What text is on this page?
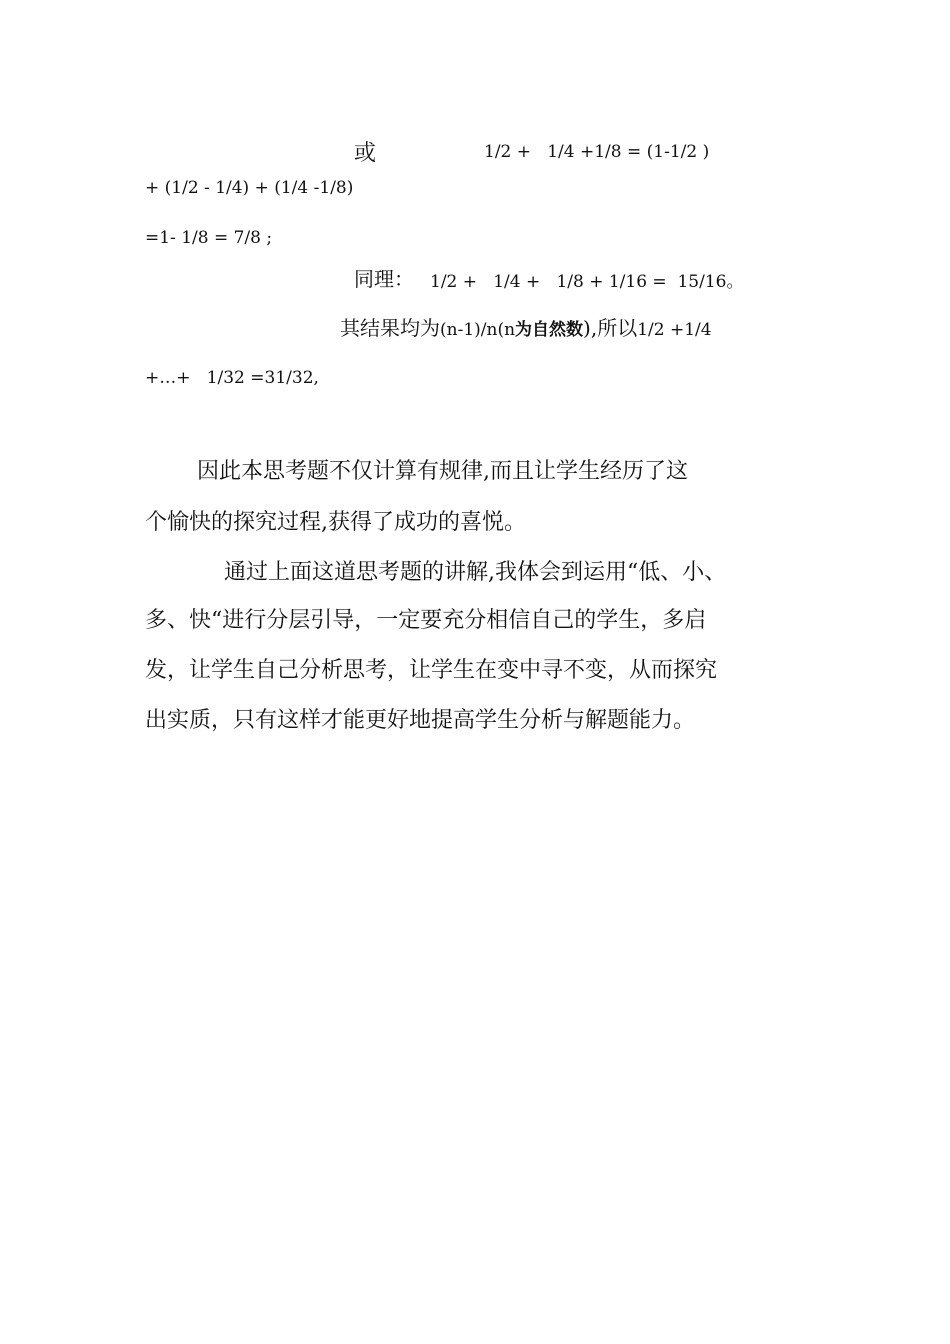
或	1/2 +   1/4 +1/8 = (1-1/2 )
+ (1/2 - 1/4) + (1/4 -1/8)
=1- 1/8 = 7/8 ;
同理： 1/2 +   1/4 +   1/8 + 1/16 =  15/16。
其结果均为(n-1)/n(n为自然数),所以1/2 +1/4
+…+   1/32 =31/32,
因此本思考题不仅计算有规律,而且让学生经历了这
个愉快的探究过程,获得了成功的喜悦。
通过上面这道思考题的讲解,我体会到运用“低、小、
多、快“进行分层引导，一定要充分相信自己的学生，多启
发，让学生自己分析思考，让学生在变中寻不变，从而探究
出实质，只有这样才能更好地提高学生分析与解题能力。
